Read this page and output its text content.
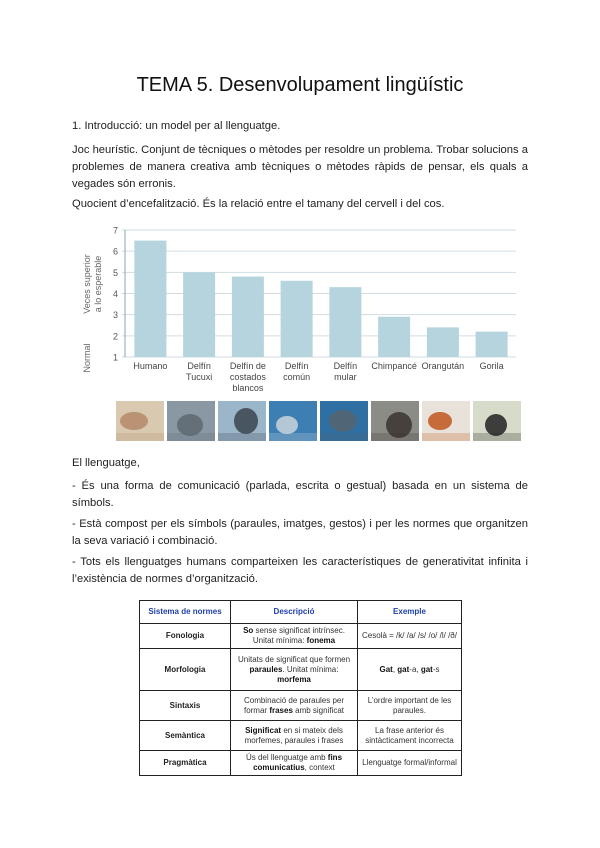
TEMA 5. Desenvolupament lingüístic

1. Introducció: un model per al llenguatge.

Joc heurístic. Conjunt de tècniques o mètodes per resoldre un problema. Trobar solucions a problemes de manera creativa amb tècniques o mètodes ràpids de pensar, els quals a vegades són erronis.

Quocient d’encefalització. És la relació entre el tamany del cervell i del cos.

1
2
3
4
5
6
7
Veces superiora lo esperable
Normal	Humano Delfín Tucuxi
Delfín de costados blancos
Delfín común
Delfín mular
Chimpancé Orangután Gorila

El llenguatge,

- És una forma de comunicació (parlada, escrita o gestual) basada en un sistema de símbols.

- Està compost per els símbols (paraules, imatges, gestos) i per les normes que organitzen la seva variació i combinació.

- Tots els llenguatges humans comparteixen les característiques de generativitat infinita i l’existència de normes d’organització.

Sistema de normes	Descripció	Exemple
Fonologia	So sense significat intrínsec. Unitat mínima: fonema	Cesolà = /k/ /a/ /s/ /o/ /l/ /ð/
Morfologia	Unitats de significat que formen paraules. Unitat mínima: morfema	Gat, gat-a, gat-s
Sintaxis	Combinació de paraules per formar frases amb significat	L’ordre important de les paraules.
Semàntica	Significat en si mateix dels morfemes, paraules i frases	La frase anterior és sintàcticament incorrecta
Pragmàtica	Ús del llenguatge amb fins comunicatius, context	Llenguatge formal/informal
